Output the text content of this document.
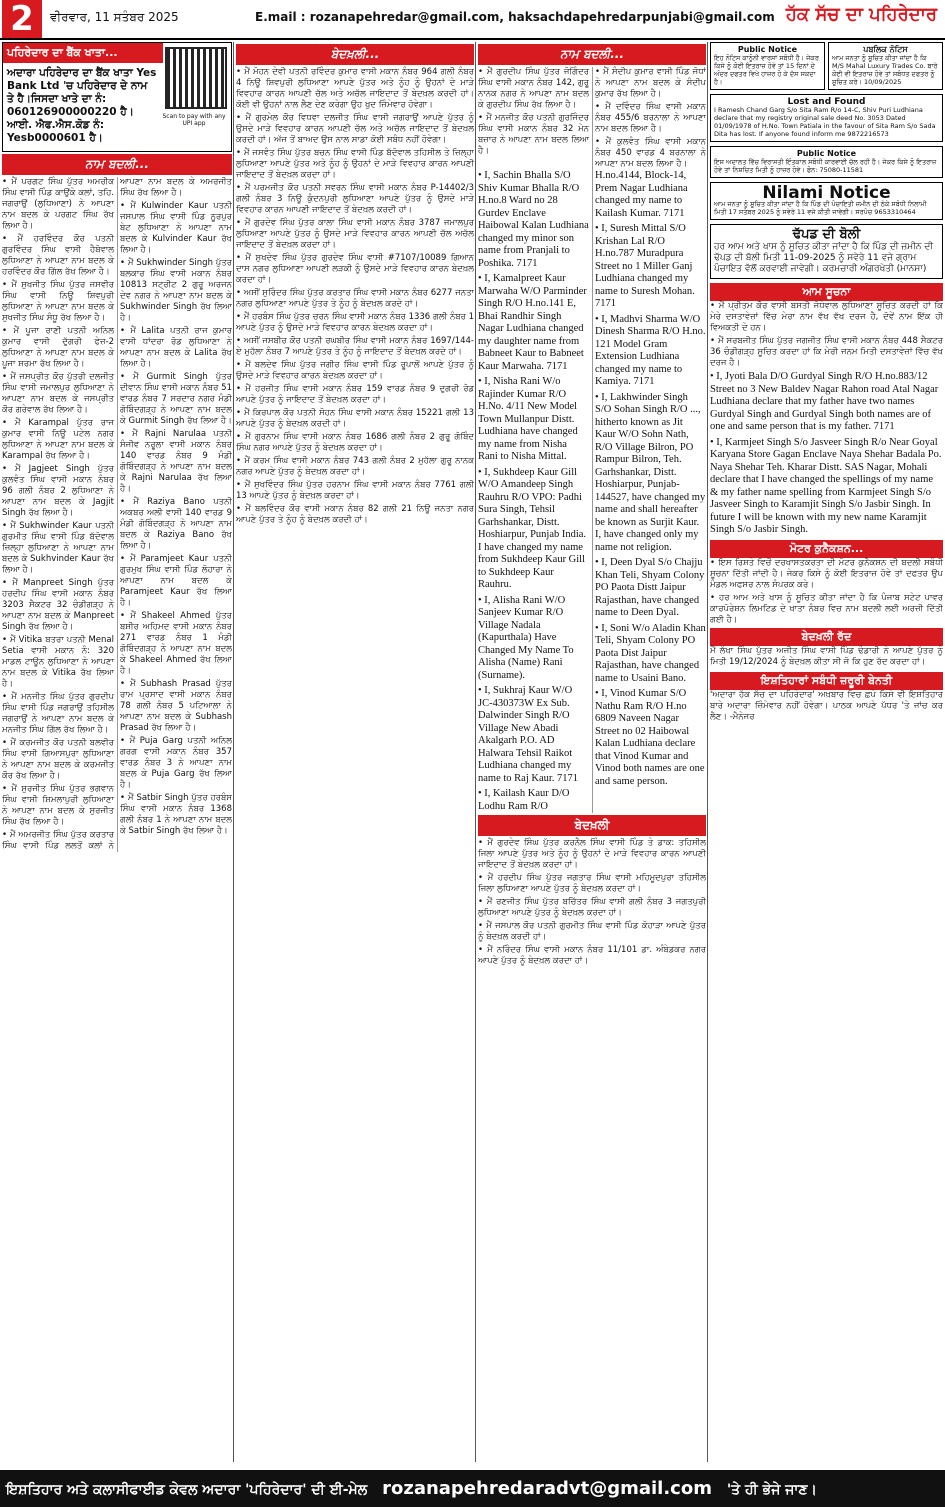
2	ਵੀਰਵਾਰ, 11 ਸਤੰਬਰ 2025	E.mail : rozanapehredar@gmail.com, haksachdapehredarpunjabi@gmail.com ਹੱਕ ਸੱਚ ਦਾ ਪਹਿਰੇਦਾਰ
ਪਹਿਰੇਦਾਰ ਦਾ ਬੈਂਕ ਖਾਤਾ...
ਅਦਾਰਾ ਪਹਿਰੇਦਾਰ ਦਾ ਬੈਂਕ ਖਾਤਾ Yes Bank Ltd 'ਚ ਪਹਿਰੇਦਾਰ ਦੇ ਨਾਮ ਤੇ ਹੈ।ਜਿਸਦਾ ਖਾਤੇ ਦਾ ਨੰ: 060126900000220 ਹੈ।ਆਈ. ਐਫ.ਐਸ.ਕੋਡ ਨੰ: Yesb0000601 ਹੈ।
Scan to pay with any UPI app
ਨਾਮ ਬਦਲੀ...

• ਮੈਂ ਪਰਗਟ ਸਿੰਘ ਪੁੱਤਰ ਅਮਰੀਕ ਸਿੰਘ ਵਾਸੀ ਪਿੰਡ ਕਾਉਂਕੇ ਕਲਾਂ, ਤਹਿ. ਜਗਰਾਉਂ (ਲੁਧਿਆਣਾ) ਨੇ ਆਪਣਾ ਨਾਮ ਬਦਲ ਕੇ ਪਰਗਟ ਸਿੰਘ ਰੱਖ ਲਿਆ ਹੈ।

• ਮੈਂ ਹਰਵਿੰਦਰ ਕੌਰ ਪਤਨੀ ਗੁਰਵਿੰਦਰ ਸਿੰਘ ਵਾਸੀ ਹੈਬੋਵਾਲ ਲੁਧਿਆਣਾ ਨੇ ਆਪਣਾ ਨਾਮ ਬਦਲ ਕੇ ਹਰਵਿੰਦਰ ਕੌਰ ਗਿੱਲ ਰੱਖ ਲਿਆ ਹੈ।

• ਮੈਂ ਸੁਖਜੀਤ ਸਿੰਘ ਪੁੱਤਰ ਜਸਵੀਰ ਸਿੰਘ ਵਾਸੀ ਨਿਊ ਸ਼ਿਵਪੁਰੀ ਲੁਧਿਆਣਾ ਨੇ ਆਪਣਾ ਨਾਮ ਬਦਲ ਕੇ ਸੁਖਜੀਤ ਸਿੰਘ ਸੰਧੂ ਰੱਖ ਲਿਆ ਹੈ।

• ਮੈਂ ਪੂਜਾ ਰਾਣੀ ਪਤਨੀ ਅਨਿਲ ਕੁਮਾਰ ਵਾਸੀ ਦੁੱਗਰੀ ਫੇਜ਼-2 ਲੁਧਿਆਣਾ ਨੇ ਆਪਣਾ ਨਾਮ ਬਦਲ ਕੇ ਪੂਜਾ ਸ਼ਰਮਾ ਰੱਖ ਲਿਆ ਹੈ।

• ਮੈਂ ਜਸਪ੍ਰੀਤ ਕੌਰ ਪੁੱਤਰੀ ਦਲਜੀਤ ਸਿੰਘ ਵਾਸੀ ਜਮਾਲਪੁਰ ਲੁਧਿਆਣਾ ਨੇ ਆਪਣਾ ਨਾਮ ਬਦਲ ਕੇ ਜਸਪ੍ਰੀਤ ਕੌਰ ਗਰੇਵਾਲ ਰੱਖ ਲਿਆ ਹੈ।

• ਮੈਂ Karampal ਪੁੱਤਰ ਰਾਜ ਕੁਮਾਰ ਵਾਸੀ ਨਿਊ ਪਟੇਲ ਨਗਰ ਲੁਧਿਆਣਾ ਨੇ ਆਪਣਾ ਨਾਮ ਬਦਲ ਕੇ Karampal ਰੱਖ ਲਿਆ ਹੈ।

• ਮੈਂ Jagjeet Singh ਪੁੱਤਰ ਕੁਲਵੰਤ ਸਿੰਘ ਵਾਸੀ ਮਕਾਨ ਨੰਬਰ 96 ਗਲੀ ਨੰਬਰ 2 ਲੁਧਿਆਣਾ ਨੇ ਆਪਣਾ ਨਾਮ ਬਦਲ ਕੇ Jagjit Singh ਰੱਖ ਲਿਆ ਹੈ।

• ਮੈਂ Sukhwinder Kaur ਪਤਨੀ ਗੁਰਮੀਤ ਸਿੰਘ ਵਾਸੀ ਪਿੰਡ ਬੱਦੋਵਾਲ ਜ਼ਿਲ੍ਹਾ ਲੁਧਿਆਣਾ ਨੇ ਆਪਣਾ ਨਾਮ ਬਦਲ ਕੇ Sukhvinder Kaur ਰੱਖ ਲਿਆ ਹੈ।

• ਮੈਂ Manpreet Singh ਪੁੱਤਰ ਹਰਦੀਪ ਸਿੰਘ ਵਾਸੀ ਮਕਾਨ ਨੰਬਰ 3203 ਸੈਕਟਰ 32 ਚੰਡੀਗੜ੍ਹ ਨੇ ਆਪਣਾ ਨਾਮ ਬਦਲ ਕੇ Manpreet Singh ਰੱਖ ਲਿਆ ਹੈ।

• ਮੈਂ Vitika ਬਤਰਾ ਪਤਨੀ Menal Setia ਵਾਸੀ ਮਕਾਨ ਨੰ: 320 ਮਾਡਲ ਟਾਊਨ ਲੁਧਿਆਣਾ ਨੇ ਆਪਣਾ ਨਾਮ ਬਦਲ ਕੇ Vitika ਰੱਖ ਲਿਆ ਹੈ।

• ਮੈਂ ਮਨਜੀਤ ਸਿੰਘ ਪੁੱਤਰ ਗੁਰਦੀਪ ਸਿੰਘ ਵਾਸੀ ਪਿੰਡ ਜਗਰਾਉਂ ਤਹਿਸੀਲ ਜਗਰਾਉਂ ਨੇ ਆਪਣਾ ਨਾਮ ਬਦਲ ਕੇ ਮਨਜੀਤ ਸਿੰਘ ਗਿੱਲ ਰੱਖ ਲਿਆ ਹੈ।

• ਮੈਂ ਕਰਮਜੀਤ ਕੌਰ ਪਤਨੀ ਬਲਵੀਰ ਸਿੰਘ ਵਾਸੀ ਗਿਆਸਪੁਰਾ ਲੁਧਿਆਣਾ ਨੇ ਆਪਣਾ ਨਾਮ ਬਦਲ ਕੇ ਕਰਮਜੀਤ ਕੌਰ ਰੱਖ ਲਿਆ ਹੈ।

• ਮੈਂ ਸੁਰਜੀਤ ਸਿੰਘ ਪੁੱਤਰ ਭਗਵਾਨ ਸਿੰਘ ਵਾਸੀ ਸ਼ਿਮਲਾਪੁਰੀ ਲੁਧਿਆਣਾ ਨੇ ਆਪਣਾ ਨਾਮ ਬਦਲ ਕੇ ਸੁਰਜੀਤ ਸਿੰਘ ਰੱਖ ਲਿਆ ਹੈ।

• ਮੈਂ ਅਮਰਜੀਤ ਸਿੰਘ ਪੁੱਤਰ ਕਰਤਾਰ ਸਿੰਘ ਵਾਸੀ ਪਿੰਡ ਲਲਤੋਂ ਕਲਾਂ ਨੇ ਆਪਣਾ ਨਾਮ ਬਦਲ ਕੇ ਅਮਰਜੀਤ ਸਿੰਘ ਰੱਖ ਲਿਆ ਹੈ।

• ਮੈਂ Kulwinder Kaur ਪਤਨੀ ਜਸਪਾਲ ਸਿੰਘ ਵਾਸੀ ਪਿੰਡ ਨੂਰਪੁਰ ਬੇਟ ਲੁਧਿਆਣਾ ਨੇ ਆਪਣਾ ਨਾਮ ਬਦਲ ਕੇ Kulvinder Kaur ਰੱਖ ਲਿਆ ਹੈ।

• ਮੈਂ Sukhwinder Singh ਪੁੱਤਰ ਬਲਕਾਰ ਸਿੰਘ ਵਾਸੀ ਮਕਾਨ ਨੰਬਰ 10813 ਸਟ੍ਰੀਟ 2 ਗੁਰੂ ਅਰਜਨ ਦੇਵ ਨਗਰ ਨੇ ਆਪਣਾ ਨਾਮ ਬਦਲ ਕੇ Sukhwinder Singh ਰੱਖ ਲਿਆ ਹੈ।

• ਮੈਂ Lalita ਪਤਨੀ ਰਾਜ ਕੁਮਾਰ ਵਾਸੀ ਧਾਂਦਰਾ ਰੋਡ ਲੁਧਿਆਣਾ ਨੇ ਆਪਣਾ ਨਾਮ ਬਦਲ ਕੇ Lalita ਰੱਖ ਲਿਆ ਹੈ।

• ਮੈਂ Gurmit Singh ਪੁੱਤਰ ਦੀਵਾਨ ਸਿੰਘ ਵਾਸੀ ਮਕਾਨ ਨੰਬਰ 51 ਵਾਰਡ ਨੰਬਰ 7 ਸਰਦਾਰ ਨਗਰ ਮੰਡੀ ਗੋਬਿੰਦਗੜ੍ਹ ਨੇ ਆਪਣਾ ਨਾਮ ਬਦਲ ਕੇ Gurmit Singh ਰੱਖ ਲਿਆ ਹੈ।

• ਮੈਂ Rajni Narulaa ਪਤਨੀ ਸੰਜੀਵ ਨਰੂਲਾ ਵਾਸੀ ਮਕਾਨ ਨੰਬਰ 140 ਵਾਰਡ ਨੰਬਰ 9 ਮੰਡੀ ਗੋਬਿੰਦਗੜ੍ਹ ਨੇ ਆਪਣਾ ਨਾਮ ਬਦਲ ਕੇ Rajni Narulaa ਰੱਖ ਲਿਆ ਹੈ।

• ਮੈਂ Raziya Bano ਪਤਨੀ ਅਕਬਰ ਅਲੀ ਵਾਸੀ 140 ਵਾਰਡ 9 ਮੰਡੀ ਗੋਬਿੰਦਗੜ੍ਹ ਨੇ ਆਪਣਾ ਨਾਮ ਬਦਲ ਕੇ Raziya Bano ਰੱਖ ਲਿਆ ਹੈ।

• ਮੈਂ Paramjeet Kaur ਪਤਨੀ ਗੁਰਮੁਖ ਸਿੰਘ ਵਾਸੀ ਪਿੰਡ ਲੋਹਾਰਾ ਨੇ ਆਪਣਾ ਨਾਮ ਬਦਲ ਕੇ Paramjeet Kaur ਰੱਖ ਲਿਆ ਹੈ।

• ਮੈਂ Shakeel Ahmed ਪੁੱਤਰ ਬਸ਼ੀਰ ਅਹਿਮਦ ਵਾਸੀ ਮਕਾਨ ਨੰਬਰ 271 ਵਾਰਡ ਨੰਬਰ 1 ਮੰਡੀ ਗੋਬਿੰਦਗੜ੍ਹ ਨੇ ਆਪਣਾ ਨਾਮ ਬਦਲ ਕੇ Shakeel Ahmed ਰੱਖ ਲਿਆ ਹੈ।

• ਮੈਂ Subhash Prasad ਪੁੱਤਰ ਰਾਮ ਪ੍ਰਸਾਦ ਵਾਸੀ ਮਕਾਨ ਨੰਬਰ 78 ਗਲੀ ਨੰਬਰ 5 ਪਟਿਆਲਾ ਨੇ ਆਪਣਾ ਨਾਮ ਬਦਲ ਕੇ Subhash Prasad ਰੱਖ ਲਿਆ ਹੈ।

• ਮੈਂ Puja Garg ਪਤਨੀ ਅਨਿਲ ਗਰਗ ਵਾਸੀ ਮਕਾਨ ਨੰਬਰ 357 ਵਾਰਡ ਨੰਬਰ 3 ਨੇ ਆਪਣਾ ਨਾਮ ਬਦਲ ਕੇ Puja Garg ਰੱਖ ਲਿਆ ਹੈ।

• ਮੈਂ Satbir Singh ਪੁੱਤਰ ਹਰਬੰਸ ਸਿੰਘ ਵਾਸੀ ਮਕਾਨ ਨੰਬਰ 1368 ਗਲੀ ਨੰਬਰ 1 ਨੇ ਆਪਣਾ ਨਾਮ ਬਦਲ ਕੇ Satbir Singh ਰੱਖ ਲਿਆ ਹੈ।

ਬੇਦਖ਼ਲੀ...

• ਮੈਂ ਮੋਹਨ ਦੇਵੀ ਪਤਨੀ ਰਵਿੰਦਰ ਕੁਮਾਰ ਵਾਸੀ ਮਕਾਨ ਨੰਬਰ 964 ਗਲੀ ਨੰਬਰ 4 ਨਿਊ ਸ਼ਿਵਪੁਰੀ ਲੁਧਿਆਣਾ ਆਪਣੇ ਪੁੱਤਰ ਅਤੇ ਨੂੰਹ ਨੂੰ ਉਹਨਾਂ ਦੇ ਮਾੜੇ ਵਿਵਹਾਰ ਕਾਰਨ ਆਪਣੀ ਚੱਲ ਅਤੇ ਅਚੱਲ ਜਾਇਦਾਦ ਤੋਂ ਬੇਦਖ਼ਲ ਕਰਦੀ ਹਾਂ। ਕੋਈ ਵੀ ਉਹਨਾਂ ਨਾਲ ਲੈਣ ਦੇਣ ਕਰੇਗਾ ਉਹ ਖੁਦ ਜ਼ਿੰਮੇਵਾਰ ਹੋਵੇਗਾ।

• ਮੈਂ ਗੁਰਮੇਲ ਕੌਰ ਵਿਧਵਾ ਦਲਜੀਤ ਸਿੰਘ ਵਾਸੀ ਜਗਰਾਉਂ ਆਪਣੇ ਪੁੱਤਰ ਨੂੰ ਉਸਦੇ ਮਾੜੇ ਵਿਵਹਾਰ ਕਾਰਨ ਆਪਣੀ ਚੱਲ ਅਤੇ ਅਚੱਲ ਜਾਇਦਾਦ ਤੋਂ ਬੇਦਖ਼ਲ ਕਰਦੀ ਹਾਂ। ਅੱਜ ਤੋਂ ਬਾਅਦ ਉਸ ਨਾਲ ਸਾਡਾ ਕੋਈ ਸਬੰਧ ਨਹੀਂ ਹੋਵੇਗਾ।

• ਮੈਂ ਜਸਵੰਤ ਸਿੰਘ ਪੁੱਤਰ ਬਚਨ ਸਿੰਘ ਵਾਸੀ ਪਿੰਡ ਬੱਦੋਵਾਲ ਤਹਿਸੀਲ ਤੇ ਜ਼ਿਲ੍ਹਾ ਲੁਧਿਆਣਾ ਆਪਣੇ ਪੁੱਤਰ ਅਤੇ ਨੂੰਹ ਨੂੰ ਉਹਨਾਂ ਦੇ ਮਾੜੇ ਵਿਵਹਾਰ ਕਾਰਨ ਆਪਣੀ ਜਾਇਦਾਦ ਤੋਂ ਬੇਦਖ਼ਲ ਕਰਦਾ ਹਾਂ।

• ਮੈਂ ਪਰਮਜੀਤ ਕੌਰ ਪਤਨੀ ਸਵਰਨ ਸਿੰਘ ਵਾਸੀ ਮਕਾਨ ਨੰਬਰ P-14402/3 ਗਲੀ ਨੰਬਰ 3 ਨਿਊ ਕੁੰਦਨਪੁਰੀ ਲੁਧਿਆਣਾ ਆਪਣੇ ਪੁੱਤਰ ਨੂੰ ਉਸਦੇ ਮਾੜੇ ਵਿਵਹਾਰ ਕਾਰਨ ਆਪਣੀ ਜਾਇਦਾਦ ਤੋਂ ਬੇਦਖ਼ਲ ਕਰਦੀ ਹਾਂ।

• ਮੈਂ ਗੁਰਦੇਵ ਸਿੰਘ ਪੁੱਤਰ ਕਾਲਾ ਸਿੰਘ ਵਾਸੀ ਮਕਾਨ ਨੰਬਰ 3787 ਜਮਾਲਪੁਰ ਲੁਧਿਆਣਾ ਆਪਣੇ ਪੁੱਤਰ ਨੂੰ ਉਸਦੇ ਮਾੜੇ ਵਿਵਹਾਰ ਕਾਰਨ ਆਪਣੀ ਚੱਲ ਅਚੱਲ ਜਾਇਦਾਦ ਤੋਂ ਬੇਦਖ਼ਲ ਕਰਦਾ ਹਾਂ।

• ਮੈਂ ਸੁਖਦੇਵ ਸਿੰਘ ਪੁੱਤਰ ਗੁਰਦੇਵ ਸਿੰਘ ਵਾਸੀ #7107/10089 ਗਿਆਨ ਦਾਸ ਨਗਰ ਲੁਧਿਆਣਾ ਆਪਣੀ ਲੜਕੀ ਨੂੰ ਉਸਦੇ ਮਾੜੇ ਵਿਵਹਾਰ ਕਾਰਨ ਬੇਦਖ਼ਲ ਕਰਦਾ ਹਾਂ।

• ਅਸੀਂ ਸੁਰਿੰਦਰ ਸਿੰਘ ਪੁੱਤਰ ਕਰਤਾਰ ਸਿੰਘ ਵਾਸੀ ਮਕਾਨ ਨੰਬਰ 6277 ਜਨਤਾ ਨਗਰ ਲੁਧਿਆਣਾ ਆਪਣੇ ਪੁੱਤਰ ਤੇ ਨੂੰਹ ਨੂੰ ਬੇਦਖ਼ਲ ਕਰਦੇ ਹਾਂ।

• ਮੈਂ ਹਰਬੰਸ ਸਿੰਘ ਪੁੱਤਰ ਚਰਨ ਸਿੰਘ ਵਾਸੀ ਮਕਾਨ ਨੰਬਰ 1336 ਗਲੀ ਨੰਬਰ 1 ਆਪਣੇ ਪੁੱਤਰ ਨੂੰ ਉਸਦੇ ਮਾੜੇ ਵਿਵਹਾਰ ਕਾਰਨ ਬੇਦਖ਼ਲ ਕਰਦਾ ਹਾਂ।

• ਅਸੀਂ ਜਸਬੀਰ ਕੌਰ ਪਤਨੀ ਰਘਬੀਰ ਸਿੰਘ ਵਾਸੀ ਮਕਾਨ ਨੰਬਰ 1697/144-ਏ ਮੁਹੱਲਾ ਨੰਬਰ 7 ਆਪਣੇ ਪੁੱਤਰ ਤੇ ਨੂੰਹ ਨੂੰ ਜਾਇਦਾਦ ਤੋਂ ਬੇਦਖ਼ਲ ਕਰਦੇ ਹਾਂ।

• ਮੈਂ ਬਲਦੇਵ ਸਿੰਘ ਪੁੱਤਰ ਜਗੀਰ ਸਿੰਘ ਵਾਸੀ ਪਿੰਡ ਰੂਪਾਲੋਂ ਆਪਣੇ ਪੁੱਤਰ ਨੂੰ ਉਸਦੇ ਮਾੜੇ ਵਿਵਹਾਰ ਕਾਰਨ ਬੇਦਖ਼ਲ ਕਰਦਾ ਹਾਂ।

• ਮੈਂ ਹਰਜੀਤ ਸਿੰਘ ਵਾਸੀ ਮਕਾਨ ਨੰਬਰ 159 ਵਾਰਡ ਨੰਬਰ 9 ਦੁਗਰੀ ਰੋਡ ਆਪਣੇ ਪੁੱਤਰ ਨੂੰ ਜਾਇਦਾਦ ਤੋਂ ਬੇਦਖ਼ਲ ਕਰਦਾ ਹਾਂ।

• ਮੈਂ ਕਿਰਪਾਲ ਕੌਰ ਪਤਨੀ ਸੋਹਨ ਸਿੰਘ ਵਾਸੀ ਮਕਾਨ ਨੰਬਰ 15221 ਗਲੀ 13 ਆਪਣੇ ਪੁੱਤਰ ਨੂੰ ਬੇਦਖ਼ਲ ਕਰਦੀ ਹਾਂ।

• ਮੈਂ ਗੁਰਨਾਮ ਸਿੰਘ ਵਾਸੀ ਮਕਾਨ ਨੰਬਰ 1686 ਗਲੀ ਨੰਬਰ 2 ਗੁਰੂ ਗੋਬਿੰਦ ਸਿੰਘ ਨਗਰ ਆਪਣੇ ਪੁੱਤਰ ਨੂੰ ਬੇਦਖ਼ਲ ਕਰਦਾ ਹਾਂ।

• ਮੈਂ ਕਰਮ ਸਿੰਘ ਵਾਸੀ ਮਕਾਨ ਨੰਬਰ 743 ਗਲੀ ਨੰਬਰ 2 ਮੁਹੱਲਾ ਗੁਰੂ ਨਾਨਕ ਨਗਰ ਆਪਣੇ ਪੁੱਤਰ ਨੂੰ ਬੇਦਖ਼ਲ ਕਰਦਾ ਹਾਂ।

• ਮੈਂ ਸੁਖਵਿੰਦਰ ਸਿੰਘ ਪੁੱਤਰ ਹਰਨਾਮ ਸਿੰਘ ਵਾਸੀ ਮਕਾਨ ਨੰਬਰ 7761 ਗਲੀ 13 ਆਪਣੇ ਪੁੱਤਰ ਨੂੰ ਬੇਦਖ਼ਲ ਕਰਦਾ ਹਾਂ।

• ਮੈਂ ਬਲਵਿੰਦਰ ਕੌਰ ਵਾਸੀ ਮਕਾਨ ਨੰਬਰ 82 ਗਲੀ 21 ਨਿਊ ਜਨਤਾ ਨਗਰ ਆਪਣੇ ਪੁੱਤਰ ਤੇ ਨੂੰਹ ਨੂੰ ਬੇਦਖ਼ਲ ਕਰਦੀ ਹਾਂ।

ਨਾਮ ਬਦਲੀ...

• ਮੈਂ ਗੁਰਦੀਪ ਸਿੰਘ ਪੁੱਤਰ ਜੋਗਿੰਦਰ ਸਿੰਘ ਵਾਸੀ ਮਕਾਨ ਨੰਬਰ 142, ਗੁਰੂ ਨਾਨਕ ਨਗਰ ਨੇ ਆਪਣਾ ਨਾਮ ਬਦਲ ਕੇ ਗੁਰਦੀਪ ਸਿੰਘ ਰੱਖ ਲਿਆ ਹੈ।

• ਮੈਂ ਮਨਜੀਤ ਕੌਰ ਪਤਨੀ ਗੁਰਜਿੰਦਰ ਸਿੰਘ ਵਾਸੀ ਮਕਾਨ ਨੰਬਰ 32 ਮੇਨ ਬਜ਼ਾਰ ਨੇ ਆਪਣਾ ਨਾਮ ਬਦਲ ਲਿਆ ਹੈ।

• ਮੈਂ ਸੰਦੀਪ ਕੁਮਾਰ ਵਾਸੀ ਪਿੰਡ ਜੋਧਾਂ ਨੇ ਆਪਣਾ ਨਾਮ ਬਦਲ ਕੇ ਸੰਦੀਪ ਕੁਮਾਰ ਰੱਖ ਲਿਆ ਹੈ।

• ਮੈਂ ਦਵਿੰਦਰ ਸਿੰਘ ਵਾਸੀ ਮਕਾਨ ਨੰਬਰ 455/6 ਬਰਨਾਲਾ ਨੇ ਆਪਣਾ ਨਾਮ ਬਦਲ ਲਿਆ ਹੈ।

• ਮੈਂ ਕੁਲਵੰਤ ਸਿੰਘ ਵਾਸੀ ਮਕਾਨ ਨੰਬਰ 450 ਵਾਰਡ 4 ਬਰਨਾਲਾ ਨੇ ਆਪਣਾ ਨਾਮ ਬਦਲ ਲਿਆ ਹੈ।

• I, Sachin Bhalla S/O Shiv Kumar Bhalla R/O H.no.8 Ward no 28 Gurdev Enclave Haibowal Kalan Ludhiana changed my minor son name from Pranjali to Poshika. 7171

• I, Kamalpreet Kaur Marwaha W/O Parminder Singh R/O H.no.141 E, Bhai Randhir Singh Nagar Ludhiana changed my daughter name from Babneet Kaur to Babneet Kaur Marwaha. 7171

• I, Nisha Rani W/o Rajinder Kumar R/O H.No. 4/11 New Model Town Mullanpur Distt. Ludhiana have changed my name from Nisha Rani to Nisha Mittal.

• I, Sukhdeep Kaur Gill W/O Amandeep Singh Rauhru R/O VPO: Padhi Sura Singh, Tehsil Garhshankar, Distt. Hoshiarpur, Punjab India. I have changed my name from Sukhdeep Kaur Gill to Sukhdeep Kaur Rauhru.

• I, Alisha Rani W/O Sanjeev Kumar R/O Village Nadala (Kapurthala) Have Changed My Name To Alisha (Name) Rani (Surname).

• I, Sukhraj Kaur W/O JC-430373W Ex Sub. Dalwinder Singh R/O Village New Abadi Akalgarh P.O. AD Halwara Tehsil Raikot Ludhiana changed my name to Raj Kaur. 7171

• I, Kailash Kaur D/O Lodhu Ram R/O H.no.4144, Block-14, Prem Nagar Ludhiana changed my name to Kailash Kumar. 7171

• I, Suresh Mittal S/O Krishan Lal R/O H.no.787 Muradpura Street no 1 Miller Ganj Ludhiana changed my name to Suresh Mohan. 7171

• I, Madhvi Sharma W/O Dinesh Sharma R/O H.no. 121 Model Gram Extension Ludhiana changed my name to Kamiya. 7171

• I, Lakhwinder Singh S/O Sohan Singh R/O ..., hitherto known as Jit Kaur W/O Sohn Nath, R/O Village Bilron, PO Rampur Bilron, Teh. Garhshankar, Distt. Hoshiarpur, Punjab-144527, have changed my name and shall hereafter be known as Surjit Kaur. I, have changed only my name not religion.

• I, Deen Dyal S/o Chajju Khan Teli, Shyam Colony PO Paota Distt Jaipur Rajasthan, have changed name to Deen Dyal.

• I, Soni W/o Aladin Khan Teli, Shyam Colony PO Paota Dist Jaipur Rajasthan, have changed name to Usaini Bano.

• I, Vinod Kumar S/O Nathu Ram R/O H.no 6809 Naveen Nagar Street no 02 Haibowal Kalan Ludhiana declare that Vinod Kumar and Vinod both names are one and same person.

ਬੇਦਖ਼ਲੀ

• ਮੈਂ ਗੁਰਦੇਵ ਸਿੰਘ ਪੁੱਤਰ ਕਰਨੈਲ ਸਿੰਘ ਵਾਸੀ ਪਿੰਡ ਤੇ ਡਾਕ: ਤਹਿਸੀਲ ਜਿਲਾ ਆਪਣੇ ਪੁੱਤਰ ਅਤੇ ਨੂੰਹ ਨੂੰ ਉਹਨਾਂ ਦੇ ਮਾੜੇ ਵਿਵਹਾਰ ਕਾਰਨ ਆਪਣੀ ਜਾਇਦਾਦ ਤੋਂ ਬੇਦਖ਼ਲ ਕਰਦਾ ਹਾਂ।

• ਮੈਂ ਹਰਦੀਪ ਸਿੰਘ ਪੁੱਤਰ ਜਗਤਾਰ ਸਿੰਘ ਵਾਸੀ ਮਹਿਮੂਦਪੁਰਾ ਤਹਿਸੀਲ ਜਿਲਾ ਲੁਧਿਆਣਾ ਆਪਣੇ ਪੁੱਤਰ ਨੂੰ ਬੇਦਖ਼ਲ ਕਰਦਾ ਹਾਂ।

• ਮੈਂ ਰਣਜੀਤ ਸਿੰਘ ਪੁੱਤਰ ਬਚਿੱਤਰ ਸਿੰਘ ਵਾਸੀ ਗਲੀ ਨੰਬਰ 3 ਜਗਤਪੁਰੀ ਲੁਧਿਆਣਾ ਆਪਣੇ ਪੁੱਤਰ ਨੂੰ ਬੇਦਖ਼ਲ ਕਰਦਾ ਹਾਂ।

• ਮੈਂ ਜਸਪਾਲ ਕੌਰ ਪਤਨੀ ਗੁਰਮੀਤ ਸਿੰਘ ਵਾਸੀ ਪਿੰਡ ਕੋਹਾੜਾ ਆਪਣੇ ਪੁੱਤਰ ਨੂੰ ਬੇਦਖ਼ਲ ਕਰਦੀ ਹਾਂ।

• ਮੈਂ ਨਰਿੰਦਰ ਸਿੰਘ ਵਾਸੀ ਮਕਾਨ ਨੰਬਰ 11/101 ਡਾ. ਅੰਬੇਡਕਰ ਨਗਰ ਆਪਣੇ ਪੁੱਤਰ ਨੂੰ ਬੇਦਖ਼ਲ ਕਰਦਾ ਹਾਂ।

Public Notice
ਇਹ ਨੋਟਿਸ ਕਾਨੂੰਨੀ ਵਾਰਸਾਂ ਸਬੰਧੀ ਹੈ। ਜੇਕਰ ਕਿਸੇ ਨੂੰ ਕੋਈ ਇਤਰਾਜ਼ ਹੋਵੇ ਤਾਂ 15 ਦਿਨਾਂ ਦੇ ਅੰਦਰ ਦਫਤਰ ਵਿਖੇ ਹਾਜ਼ਰ ਹੋ ਕੇ ਦੱਸ ਸਕਦਾ ਹੈ।
ਪਬਲਿਕ ਨੋਟਿਸ
ਆਮ ਜਨਤਾ ਨੂੰ ਸੂਚਿਤ ਕੀਤਾ ਜਾਂਦਾ ਹੈ ਕਿ M/S Mahal Luxury Trades Co. ਬਾਰੇ ਕੋਈ ਵੀ ਇਤਰਾਜ਼ ਹੋਵੇ ਤਾਂ ਸਬੰਧਤ ਦਫਤਰ ਨੂੰ ਸੂਚਿਤ ਕਰੇ। 10/09/2025
Lost and Found
I Ramesh Chand Garg S/o Sita Ram R/o 14-C, Shiv Puri Ludhiana declare that my registry original sale deed No. 3053 Dated 01/09/1978 of H.No. Town Patiala in the favour of Sita Ram S/o Sada Dita has lost. If anyone found inform me 9872216573
Public Notice
ਇਸ ਅਦਾਲਤ ਵਿੱਚ ਵਿਰਾਸਤੀ ਇੰਤਕਾਲ ਸਬੰਧੀ ਕਾਰਵਾਈ ਚੱਲ ਰਹੀ ਹੈ। ਜੇਕਰ ਕਿਸੇ ਨੂੰ ਇਤਰਾਜ਼ ਹੋਵੇ ਤਾਂ ਨਿਸ਼ਚਿਤ ਮਿਤੀ ਨੂੰ ਹਾਜ਼ਰ ਹੋਵੇ। ਫੋਨ: 75080-11581
Nilami Notice
ਆਮ ਜਨਤਾ ਨੂੰ ਸੂਚਿਤ ਕੀਤਾ ਜਾਂਦਾ ਹੈ ਕਿ ਪਿੰਡ ਦੀ ਪੰਚਾਇਤੀ ਜ਼ਮੀਨ ਦੀ ਠੇਕੇ ਸਬੰਧੀ ਨਿਲਾਮੀ ਮਿਤੀ 17 ਸਤੰਬਰ 2025 ਨੂੰ ਸਵੇਰੇ 11 ਵਜੇ ਕੀਤੀ ਜਾਵੇਗੀ। ਸਰਪੰਚ 9653310464
ਢੱਪਡ ਦੀ ਬੋਲੀ
ਹਰ ਆਮ ਅਤੇ ਖਾਸ ਨੂੰ ਸੂਚਿਤ ਕੀਤਾ ਜਾਂਦਾ ਹੈ ਕਿ ਪਿੰਡ ਦੀ ਜ਼ਮੀਨ ਦੀ ਢੱਪਡ ਦੀ ਬੋਲੀ ਮਿਤੀ 11-09-2025 ਨੂੰ ਸਵੇਰੇ 11 ਵਜੇ ਗ੍ਰਾਮ ਪੰਚਾਇਤ ਵੱਲੋਂ ਕਰਵਾਈ ਜਾਵੇਗੀ। ਕਰਮਚਾਰੀ ਅੰਗਰਖੇਤੀ (ਮਾਨਸਾ)
ਆਮ ਸੂਚਨਾ

• ਮੈਂ ਪ੍ਰੀਤਮ ਕੌਰ ਵਾਸੀ ਬਸਤੀ ਜੋਧੇਵਾਲ ਲੁਧਿਆਣਾ ਸੂਚਿਤ ਕਰਦੀ ਹਾਂ ਕਿ ਮੇਰੇ ਦਸਤਾਵੇਜ਼ਾਂ ਵਿੱਚ ਮੇਰਾ ਨਾਮ ਵੱਖ ਵੱਖ ਦਰਜ ਹੈ, ਦੋਵੇਂ ਨਾਮ ਇੱਕ ਹੀ ਵਿਅਕਤੀ ਦੇ ਹਨ।

• ਮੈਂ ਸਰਬਜੀਤ ਸਿੰਘ ਪੁੱਤਰ ਜਗਜੀਤ ਸਿੰਘ ਵਾਸੀ ਮਕਾਨ ਨੰਬਰ 448 ਸੈਕਟਰ 36 ਚੰਡੀਗੜ੍ਹ ਸੂਚਿਤ ਕਰਦਾ ਹਾਂ ਕਿ ਮੇਰੀ ਜਨਮ ਮਿਤੀ ਦਸਤਾਵੇਜ਼ਾਂ ਵਿੱਚ ਵੱਖ ਦਰਜ ਹੈ।

• I, Jyoti Bala D/O Gurdyal Singh R/O H.no.883/12 Street no 3 New Baldev Nagar Rahon road Atal Nagar Ludhiana declare that my father have two names Gurdyal Singh and Gurdyal Singh both names are of one and same person that is my father. 7171

• I, Karmjeet Singh S/o Jasveer Singh R/o Near Goyal Karyana Store Gagan Enclave Naya Shehar Badala Po. Naya Shehar Teh. Kharar Distt. SAS Nagar, Mohali declare that I have changed the spellings of my name & my father name spelling from Karmjeet Singh S/o Jasveer Singh to Karamjit Singh S/o Jasbir Singh. In future I will be known with my new name Karamjit Singh S/o Jasbir Singh.

ਮੋਟਰ ਕੁਨੈਕਸ਼ਨ...

• ਇਸ ਰਿਸ਼ਤੇ ਵਿਚੋਂ ਦਰਖਾਸਤਕਰਤਾ ਦੀ ਮੋਟਰ ਕੁਨੈਕਸ਼ਨ ਦੀ ਬਦਲੀ ਸਬੰਧੀ ਸੂਚਨਾ ਦਿੱਤੀ ਜਾਂਦੀ ਹੈ। ਜੇਕਰ ਕਿਸੇ ਨੂੰ ਕੋਈ ਇਤਰਾਜ਼ ਹੋਵੇ ਤਾਂ ਦਫਤਰ ਉਪ ਮੰਡਲ ਅਫਸਰ ਨਾਲ ਸੰਪਰਕ ਕਰੇ।

• ਹਰ ਆਮ ਅਤੇ ਖਾਸ ਨੂੰ ਸੂਚਿਤ ਕੀਤਾ ਜਾਂਦਾ ਹੈ ਕਿ ਪੰਜਾਬ ਸਟੇਟ ਪਾਵਰ ਕਾਰਪੋਰੇਸ਼ਨ ਲਿਮਟਿਡ ਦੇ ਖਾਤਾ ਨੰਬਰ ਵਿਚ ਨਾਮ ਬਦਲੀ ਲਈ ਅਰਜ਼ੀ ਦਿੱਤੀ ਗਈ ਹੈ।

ਬੇਦਖ਼ਲੀ ਰੱਦ
ਮੈਂ ਲੱਖਾ ਸਿੰਘ ਪੁੱਤਰ ਅਜੀਤ ਸਿੰਘ ਵਾਸੀ ਪਿੰਡ ਢੰਡਾਰੀ ਨੇ ਆਪਣੇ ਪੁੱਤਰ ਨੂੰ ਮਿਤੀ 19/12/2024 ਨੂੰ ਬੇਦਖ਼ਲ ਕੀਤਾ ਸੀ ਜੋ ਕਿ ਹੁਣ ਰੱਦ ਕਰਦਾ ਹਾਂ।
ਇਸ਼ਤਿਹਾਰਾਂ ਸਬੰਧੀ ਜ਼ਰੂਰੀ ਬੇਨਤੀ
'ਅਦਾਰਾ ਹੱਕ ਸੱਚ ਦਾ ਪਹਿਰੇਦਾਰ' ਅਖ਼ਬਾਰ ਵਿਚ ਛਪੇ ਕਿਸੇ ਵੀ ਇਸ਼ਤਿਹਾਰ ਬਾਰੇ ਅਦਾਰਾ ਜ਼ਿੰਮੇਵਾਰ ਨਹੀਂ ਹੋਵੇਗਾ। ਪਾਠਕ ਆਪਣੇ ਪੱਧਰ 'ਤੇ ਜਾਂਚ ਕਰ ਲੈਣ। -ਮੈਨੇਜਰ
ਇਸ਼ਤਿਹਾਰ ਅਤੇ ਕਲਾਸੀਫਾਈਡ ਕੇਵਲ ਅਦਾਰਾ 'ਪਹਿਰੇਦਾਰ' ਦੀ ਈ-ਮੇਲ rozanapehredaradvt@gmail.com 'ਤੇ ਹੀ ਭੇਜੇ ਜਾਣ।
